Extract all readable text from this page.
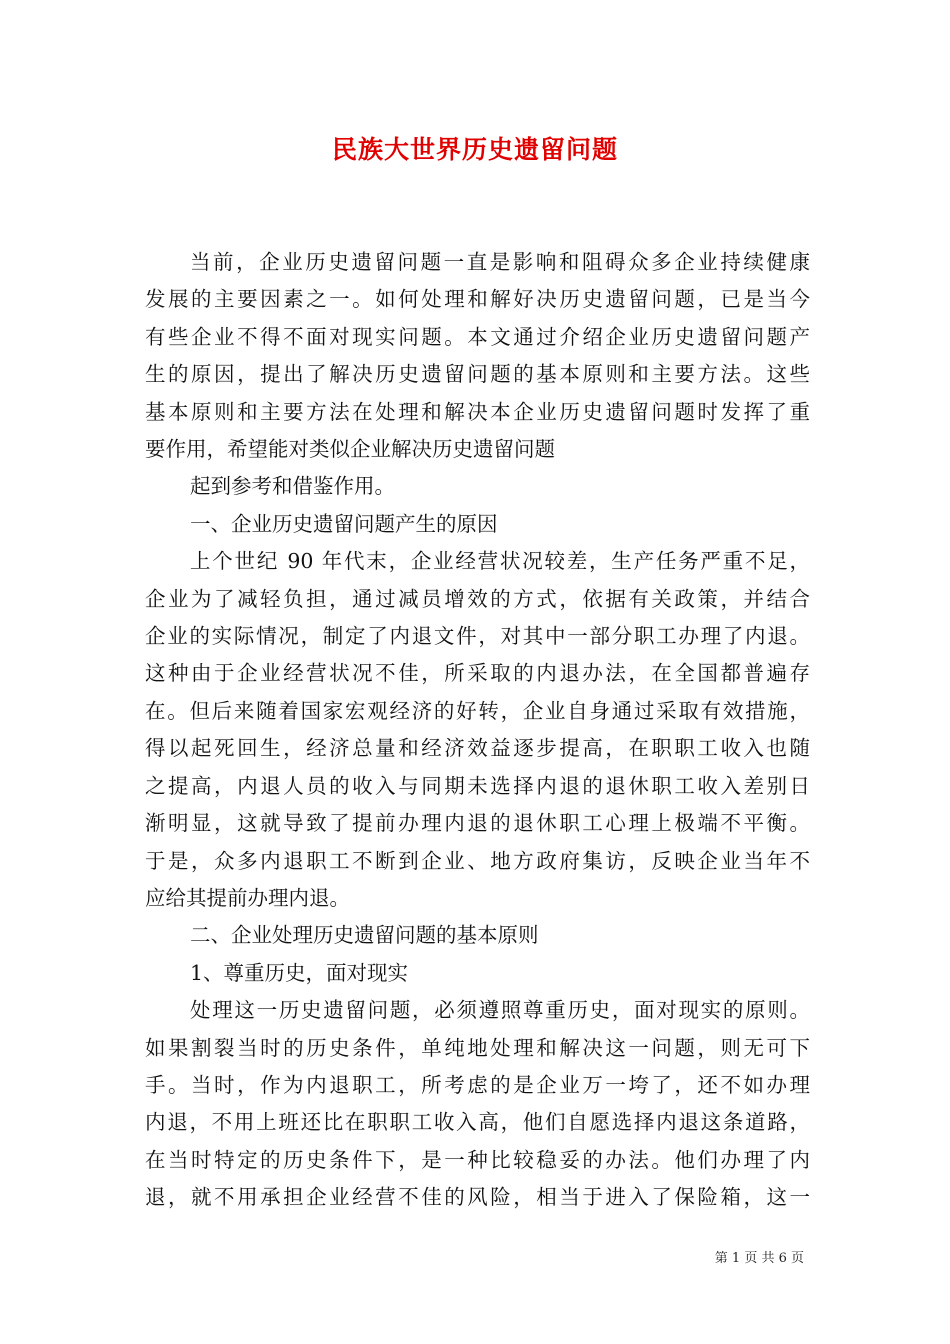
民族大世界历史遗留问题
当前，企业历史遗留问题一直是影响和阻碍众多企业持续健康
发展的主要因素之一。如何处理和解好决历史遗留问题，已是当今
有些企业不得不面对现实问题。本文通过介绍企业历史遗留问题产
生的原因，提出了解决历史遗留问题的基本原则和主要方法。这些
基本原则和主要方法在处理和解决本企业历史遗留问题时发挥了重
要作用，希望能对类似企业解决历史遗留问题
起到参考和借鉴作用。
一、企业历史遗留问题产生的原因
上个世纪 90 年代末，企业经营状况较差，生产任务严重不足，
企业为了减轻负担，通过减员增效的方式，依据有关政策，并结合
企业的实际情况，制定了内退文件，对其中一部分职工办理了内退。
这种由于企业经营状况不佳，所采取的内退办法，在全国都普遍存
在。但后来随着国家宏观经济的好转，企业自身通过采取有效措施，
得以起死回生，经济总量和经济效益逐步提高，在职职工收入也随
之提高，内退人员的收入与同期未选择内退的退休职工收入差别日
渐明显，这就导致了提前办理内退的退休职工心理上极端不平衡。
于是，众多内退职工不断到企业、地方政府集访，反映企业当年不
应给其提前办理内退。
二、企业处理历史遗留问题的基本原则
1、尊重历史，面对现实
处理这一历史遗留问题，必须遵照尊重历史，面对现实的原则。
如果割裂当时的历史条件，单纯地处理和解决这一问题，则无可下
手。当时，作为内退职工，所考虑的是企业万一垮了，还不如办理
内退，不用上班还比在职职工收入高，他们自愿选择内退这条道路，
在当时特定的历史条件下，是一种比较稳妥的办法。他们办理了内
退，就不用承担企业经营不佳的风险，相当于进入了保险箱，这一
第 1 页 共 6 页
